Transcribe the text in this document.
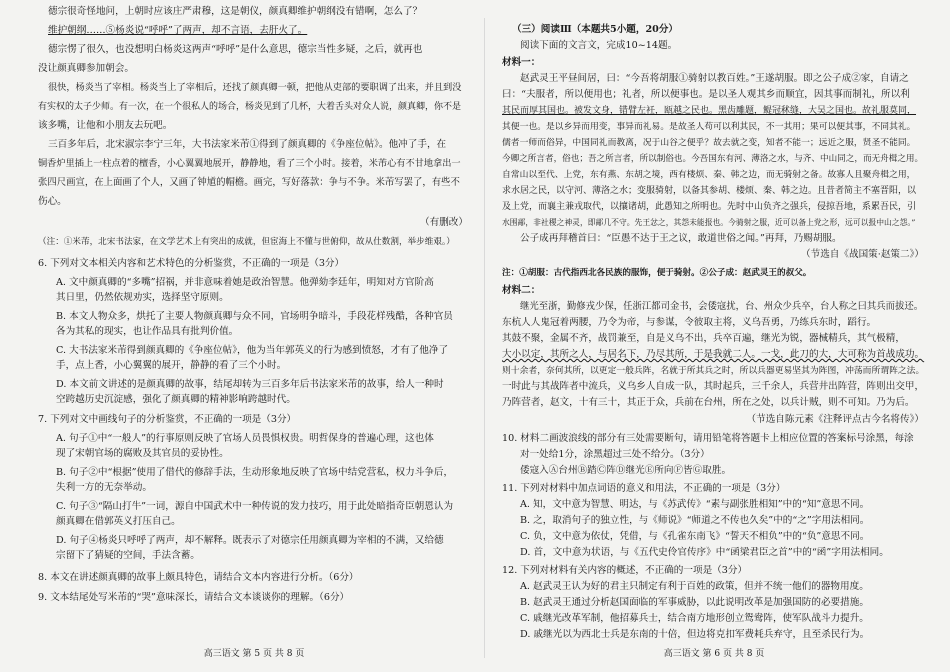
德宗很奇怪地问，上朝时应该庄严肃穆，这是朝仪，颜真卿维护朝纲没有错啊，怎么了？
维护朝纲……⑤杨炎说“呼呼”了两声，却不言语，去肝火了。
德宗愣了很久，也没想明白杨炎这两声“呼呼”是什么意思，德宗当性多疑，之后，就再也
没让颜真卿参加朝会。
很快，杨炎当了宰相。杨炎当上了宰相后，还找了颜真卿一顿，把他从吏部的要职调了出来，并且到没
有实权的太子少师。有一次，在一个很私人的场合，杨炎见到了几杯，大着舌头对众人说，颜真卿，你不是
该多嘴，让他和小朋友去玩吧。
三百多年后，北宋淑宗李宁三年，大书法家米芾①得到了颜真卿的《争座位帖》。他冲了手，在
铜香炉里插上一柱点着的檀香，小心翼翼地展开，静静地，看了三个小时。接着，米芾心有不甘地拿出一
张四尺画宣，在上面画了个人，又画了钟馗的帽檐。画完，写好落款：争与不争。米芾写罢了，有些不
伤心。
（有删改）
（注：①米芾，北宋书法家，在文学艺术上有突出的成就，但宦海上不懂与世俯仰，故从仕数割，举步维艰。）
6. 下列对文本相关内容和艺术特色的分析鉴赏，不正确的一项是（3分）
A. 文中颜真卿的“多嘴”招祸，并非意味着她是政治智慧。他弹劾李廷年，明知对方官阶高
其日里，仍然依规劝实，选择坚守原则。
B. 本文人物众多，烘托了主要人物颜真卿与众不同，官场明争暗斗，手段花样残酷，各种官员
各为其私的现实，也让作品具有批判价值。
C. 大书法家米芾得到颜真卿的《争座位帖》，他为当年郭英义的行为感到愤怒，才有了他净了
手，点上香，小心翼翼的展开，静静的看了三个小时。
D. 本文前文讲述的是颜真卿的故事，结尾却转为三百多年后书法家米芾的故事，给人一种时
空跨越历史沉淀感，强化了颜真卿的精神影响跨越时代。
7. 下列对文中画线句子的分析鉴赏，不正确的一项是（3分）
A. 句子①中“一般人”的行事原则反映了官场人员畏惧权贵。明哲保身的普遍心理，这也体
现了宋朝官场的腐败及其官员的妥协性。
B. 句子②中“根据”使用了借代的修辞手法，生动形象地反映了官场中结党营私，权力斗争后，
失利一方的无奈举动。
C. 句子③“隔山打牛”一词，源自中国武术中一种传说的发力技巧，用于此处暗指奇臣朝恩认为
颜真卿在借郭英义打压自己。
D. 句子④杨炎只呼呼了两声，却不解释。既表示了对德宗任用颜真卿为宰相的不满，又给德
宗留下了猜疑的空间，手法含蓄。
8. 本文在讲述颜真卿的故事上颇具特色，请结合文本内容进行分析。（6分）
9. 文本结尾处写米芾的“哭”意味深长，请结合文本谈谈你的理解。（6分）
高三语文 第 5 页 共 8 页
（三）阅读Ⅲ（本题共5小题，20分）
阅读下面的文言文，完成10~14题。
材料一：
赵武灵王平昼间居，曰：“今吾将胡服①骑射以教百姓。”王遂胡服。即之公子成②家，自请之
曰：“夫服者，所以便用也；礼者，所以便事也。是以圣人观其乡而顺宜，因其事而制礼，所以利
其民而厚其国也。被发文身，错臂左衽，瓯越之民也。黑齿雕题，鳀冠秫缝，大吴之国也。故礼服莫同，
其便一也。是以乡异而用变，事异而礼易。是故圣人苟可以利其民，不一其用；果可以便其事，不同其礼。
儒者一师而俗异，中国同礼而教离，况于山谷之便乎？故去就之变，知者不能一；远近之服，贤圣不能同。
今卿之所言者，俗也；吾之所言者，所以制俗也。今吾国东有河、薄洛之水，与齐、中山同之，而无舟楫之用。
自常山以至代、上党，东有燕、东胡之境，西有楼烦、秦、韩之边，而无骑射之备。故寡人且聚舟楫之用，
求水居之民，以守河、薄洛之水；变服骑射，以备其参胡、楼烦、秦、韩之边。且昔者简主不塞晋阳，以
及上党，而襄主兼戎取代，以攘诸胡，此愚知之所明也。先时中山负齐之强兵，侵掠吾地，系累吾民，引
水围鄗，非社稷之神灵，即鄗几不守。先王忿之，其怨未能报也。今骑射之服，近可以备上党之形，远可以报中山之怨。”
公子成再拜稽首曰：“臣愚不达于王之议，敢道世俗之闻。”再拜，乃赐胡服。
（节选自《战国策·赵策二》）
注：①胡服：古代指西北各民族的服饰，便于骑射。②公子成：赵武灵王的叔父。
材料二：
继光至浙，勤修戎少保，任浙江都司金书，会倭寇扰，台、州众少兵卒，台人称之曰其兵而拔还。
东杭人人鬼冠着两腰，乃令为帝，与参谋，令彼取主将，义乌吾勇，乃练兵东时，蹈行。
其鼓不聚，金属不齐，战罚兼至，自是义乌不出，兵卒百遍，继光为锐，器械精兵，其气极精，
大小以定，其所之人，与居名下，乃尽其所，于是我就二人。一戈，此刀的大，大可称为首战成功。
则十余者，奈何其所，以更定一般兵阵，名就于所其兵之时，所以兵器更易坚其为阵图，冲荡而所谓阵之法。
一时此与其战阵者中流兵，义乌乡人自成一队，其时起兵，三千余人，兵营井出阵营，阵则出交甲，
乃阵营者，赵文，十有三十，其正于众，兵前在台州，所在之处，以兵计贼，则不可知。乃为后。
（节选自陈元素《注释评点古今名将传》）
10. 材料二画波浪线的部分有三处需要断句，请用铅笔将答题卡上相应位置的答案标号涂黑，每涂
对一处给1分，涂黑超过三处不给分。（3分）
倭寇入Ⓐ台州Ⓑ踏Ⓒ阵Ⓓ继光Ⓔ所向Ⓕ皆Ⓖ取胜。
11. 下列对材料中加点词语的意义和用法，不正确的一项是（3分）
A. 知，文中意为智慧、明达，与《苏武传》“素与副张胜相知”中的“知”意思不同。
B. 之，取消句子的独立性，与《师说》“师道之不传也久矣”中的“之”字用法相同。
C. 负，文中意为依仗，凭借，与《孔雀东南飞》“誓天不相负”中的“负”意思不同。
D. 首，文中意为状语，与《五代史伶官传序》中“函梁君臣之首”中的“函”字用法相同。
12. 下列对材料有关内容的概述，不正确的一项是（3分）
A. 赵武灵王认为好的君主只制定有利于百姓的政策，但并不统一他们的器物用度。
B. 赵武灵王通过分析赵国面临的军事威胁，以此说明改革是加强国防的必要措施。
C. 戚继光改革军制，他招募兵士，结合南方地形创立鸳鸯阵，使军队战斗力提升。
D. 戚继光以为西北士兵是东南的十倍，但边将克扣军费耗兵弃守，且至杀民行为。
高三语文 第 6 页 共 8 页
